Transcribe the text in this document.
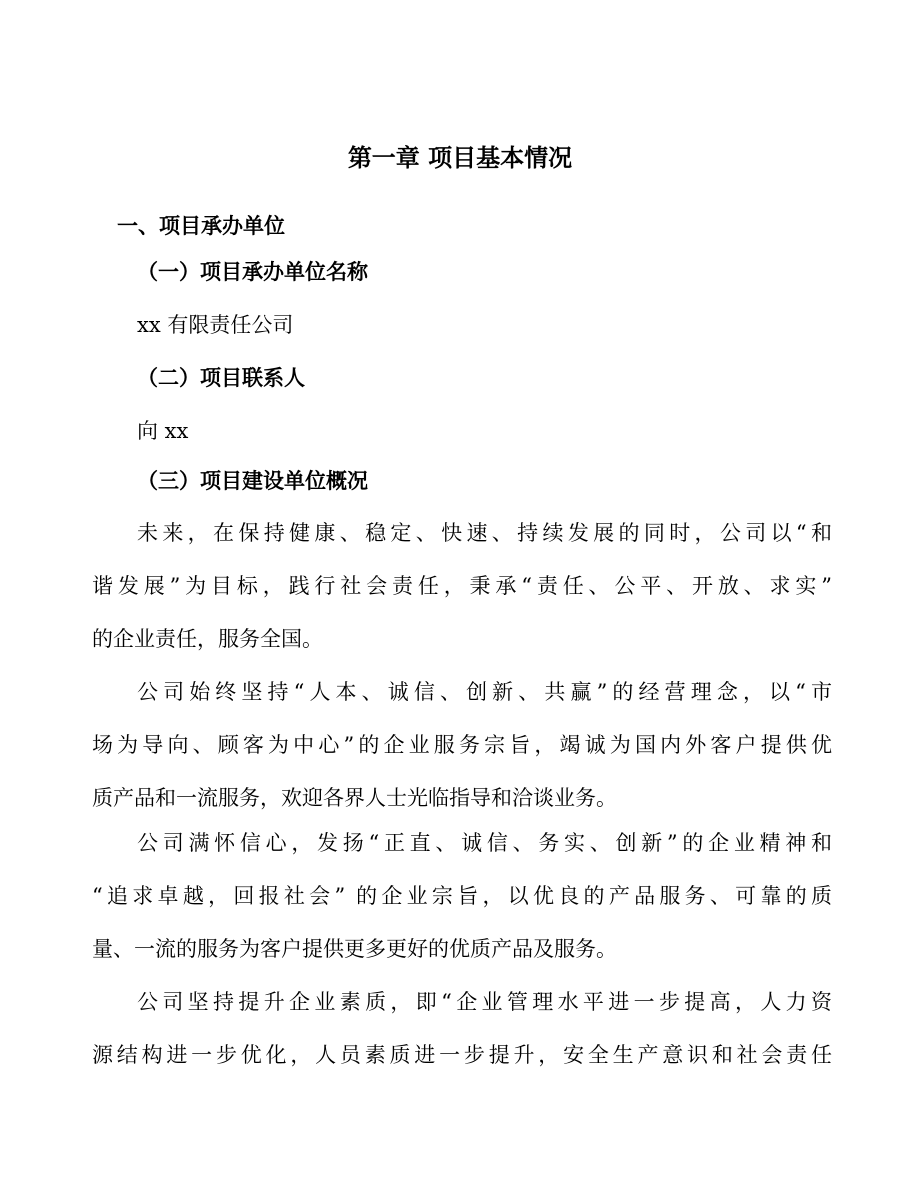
第一章 项目基本情况
一、项目承办单位
（一）项目承办单位名称

xx 有限责任公司

（二）项目联系人

向 xx

（三）项目建设单位概况
未来，在保持健康、稳定、快速、持续发展的同时，公司以“和
谐发展”为目标，践行社会责任，秉承“责任、公平、开放、求实”
的企业责任，服务全国。
公司始终坚持“人本、诚信、创新、共赢”的经营理念，以“市
场为导向、顾客为中心”的企业服务宗旨，竭诚为国内外客户提供优
质产品和一流服务，欢迎各界人士光临指导和洽谈业务。
公司满怀信心，发扬“正直、诚信、务实、创新”的企业精神和
“追求卓越，回报社会” 的企业宗旨，以优良的产品服务、可靠的质
量、一流的服务为客户提供更多更好的优质产品及服务。
公司坚持提升企业素质，即“企业管理水平进一步提高，人力资
源结构进一步优化，人员素质进一步提升，安全生产意识和社会责任
